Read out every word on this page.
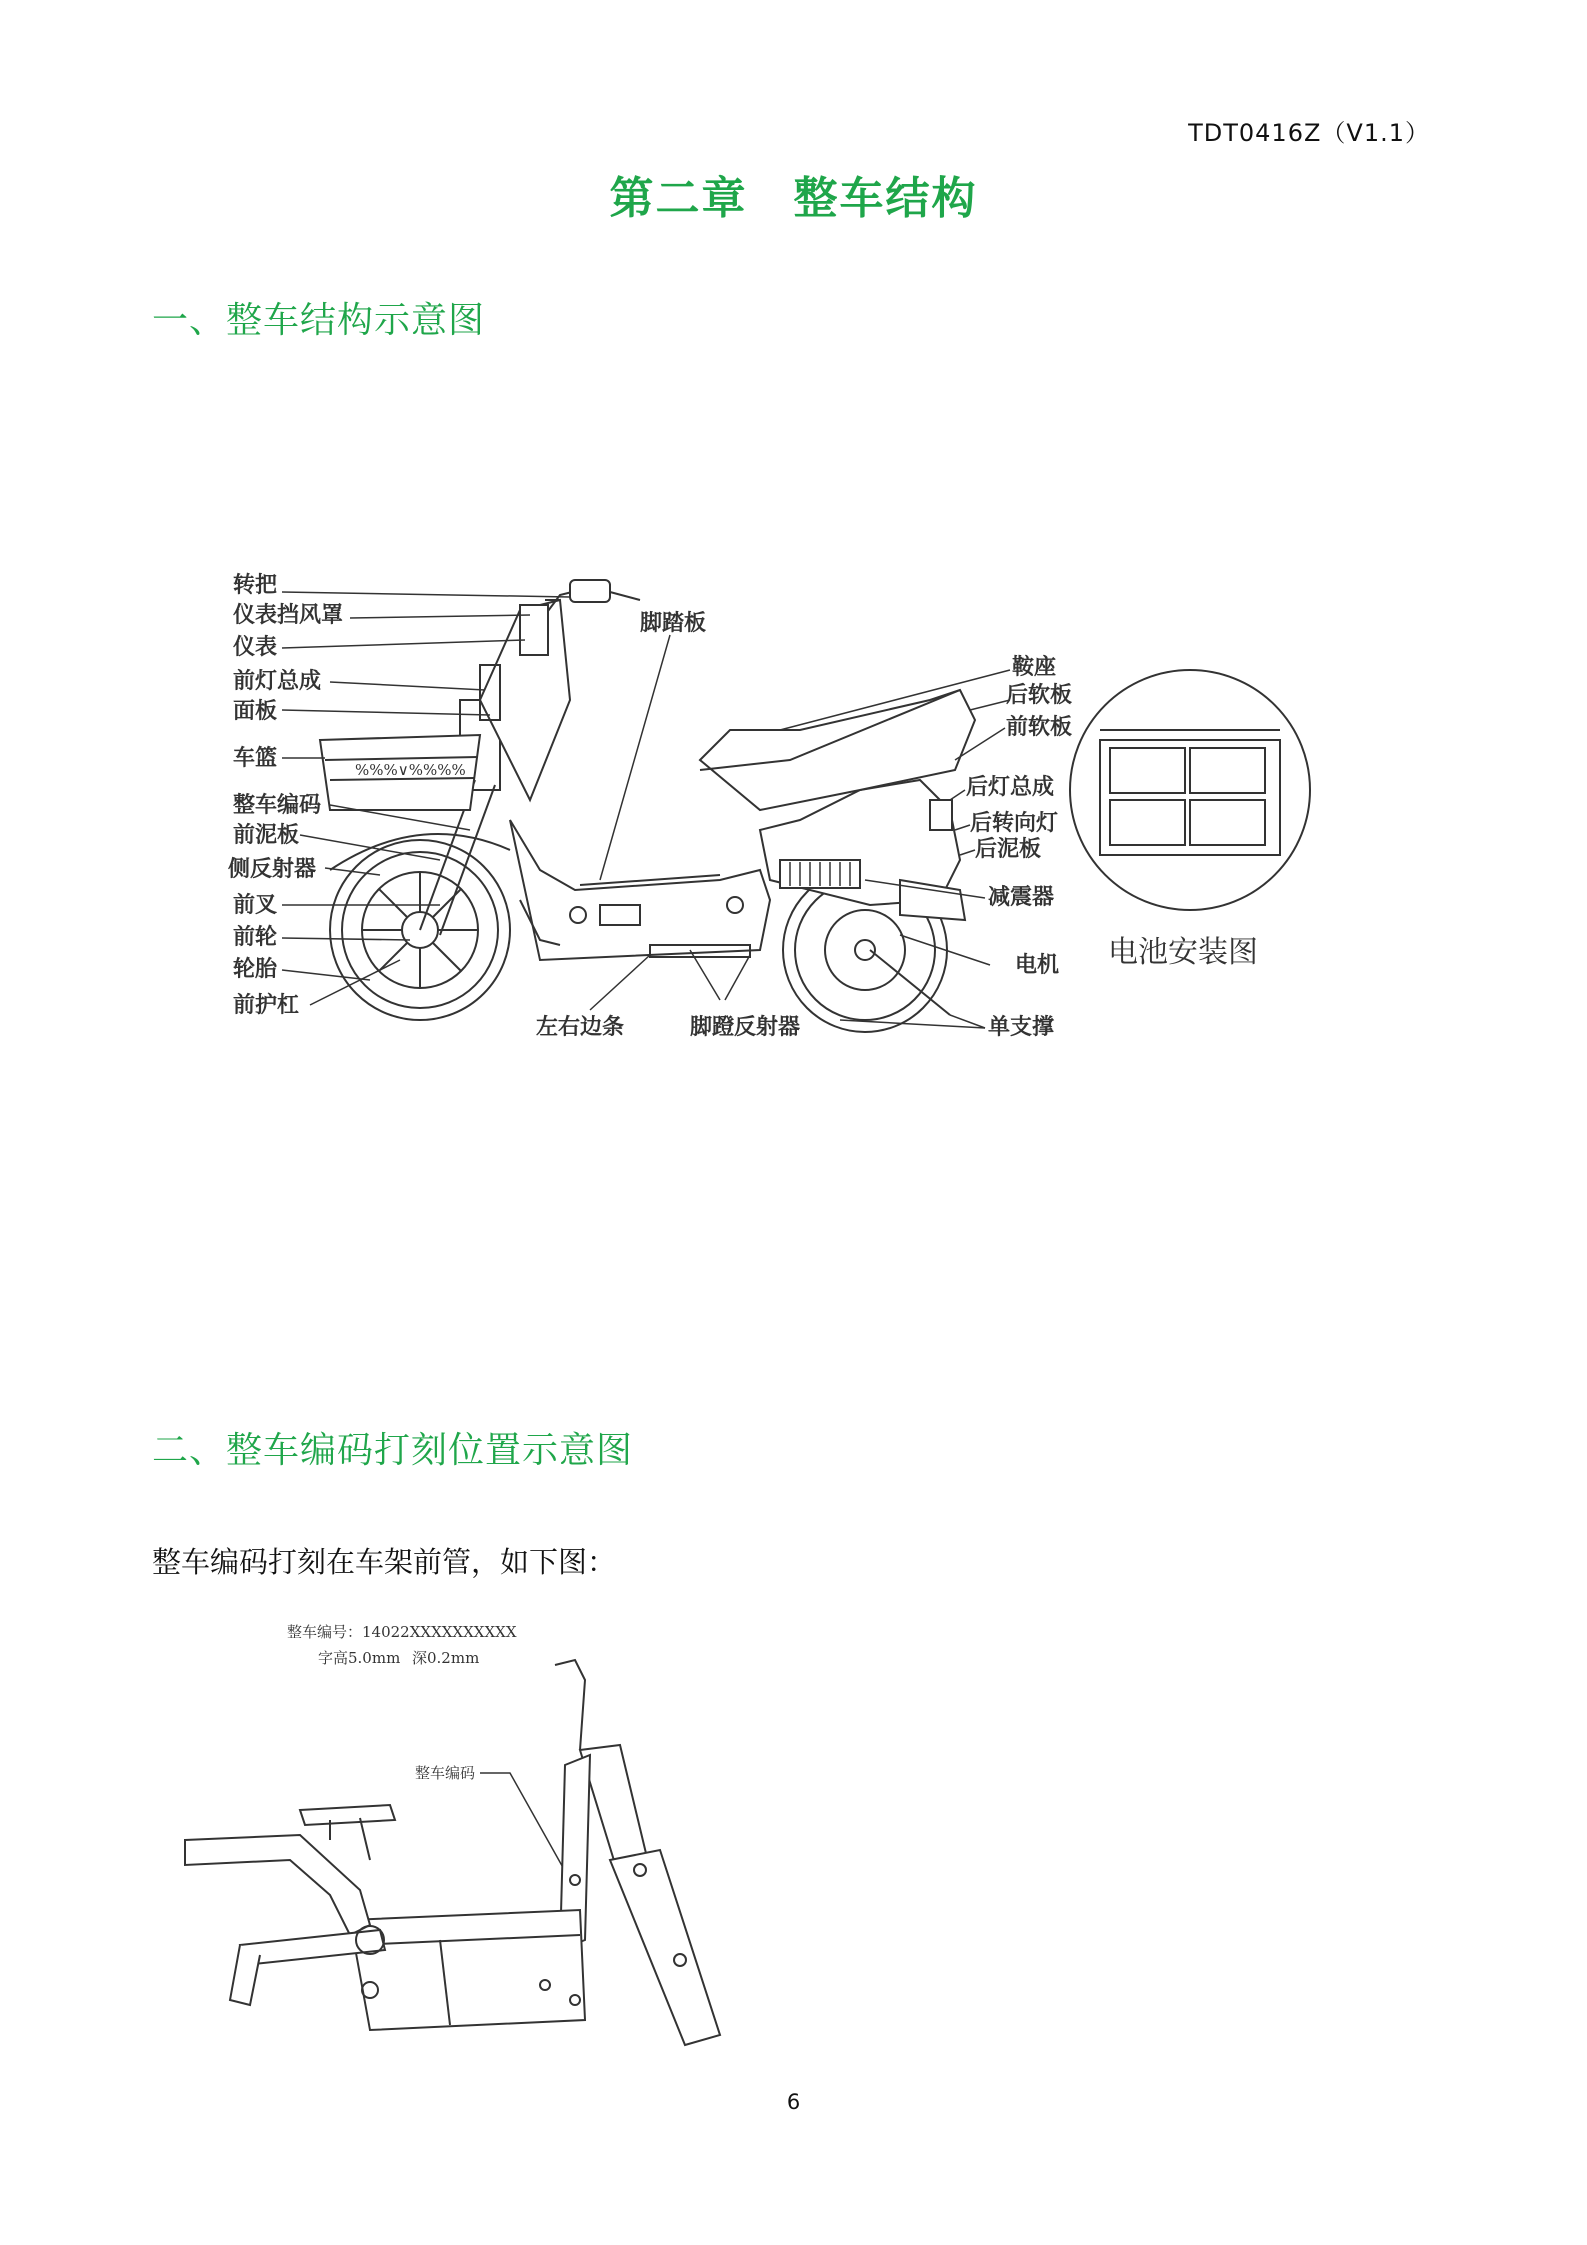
TDT0416Z（V1.1）
第二章　整车结构
一、整车结构示意图
%%%∨%%%%
转把
仪表挡风罩
仪表
前灯总成
面板
车篮
整车编码
前泥板
侧反射器
前叉
前轮
轮胎
前护杠
脚踏板
鞍座
后软板
前软板
后灯总成
后转向灯
后泥板
减震器
电机
单支撑
左右边条	脚蹬反射器
电池安装图
二、整车编码打刻位置示意图
整车编码打刻在车架前管，如下图：
整车编号：14022XXXXXXXXXX
字高5.0mm 深0.2mm
整车编码
6
